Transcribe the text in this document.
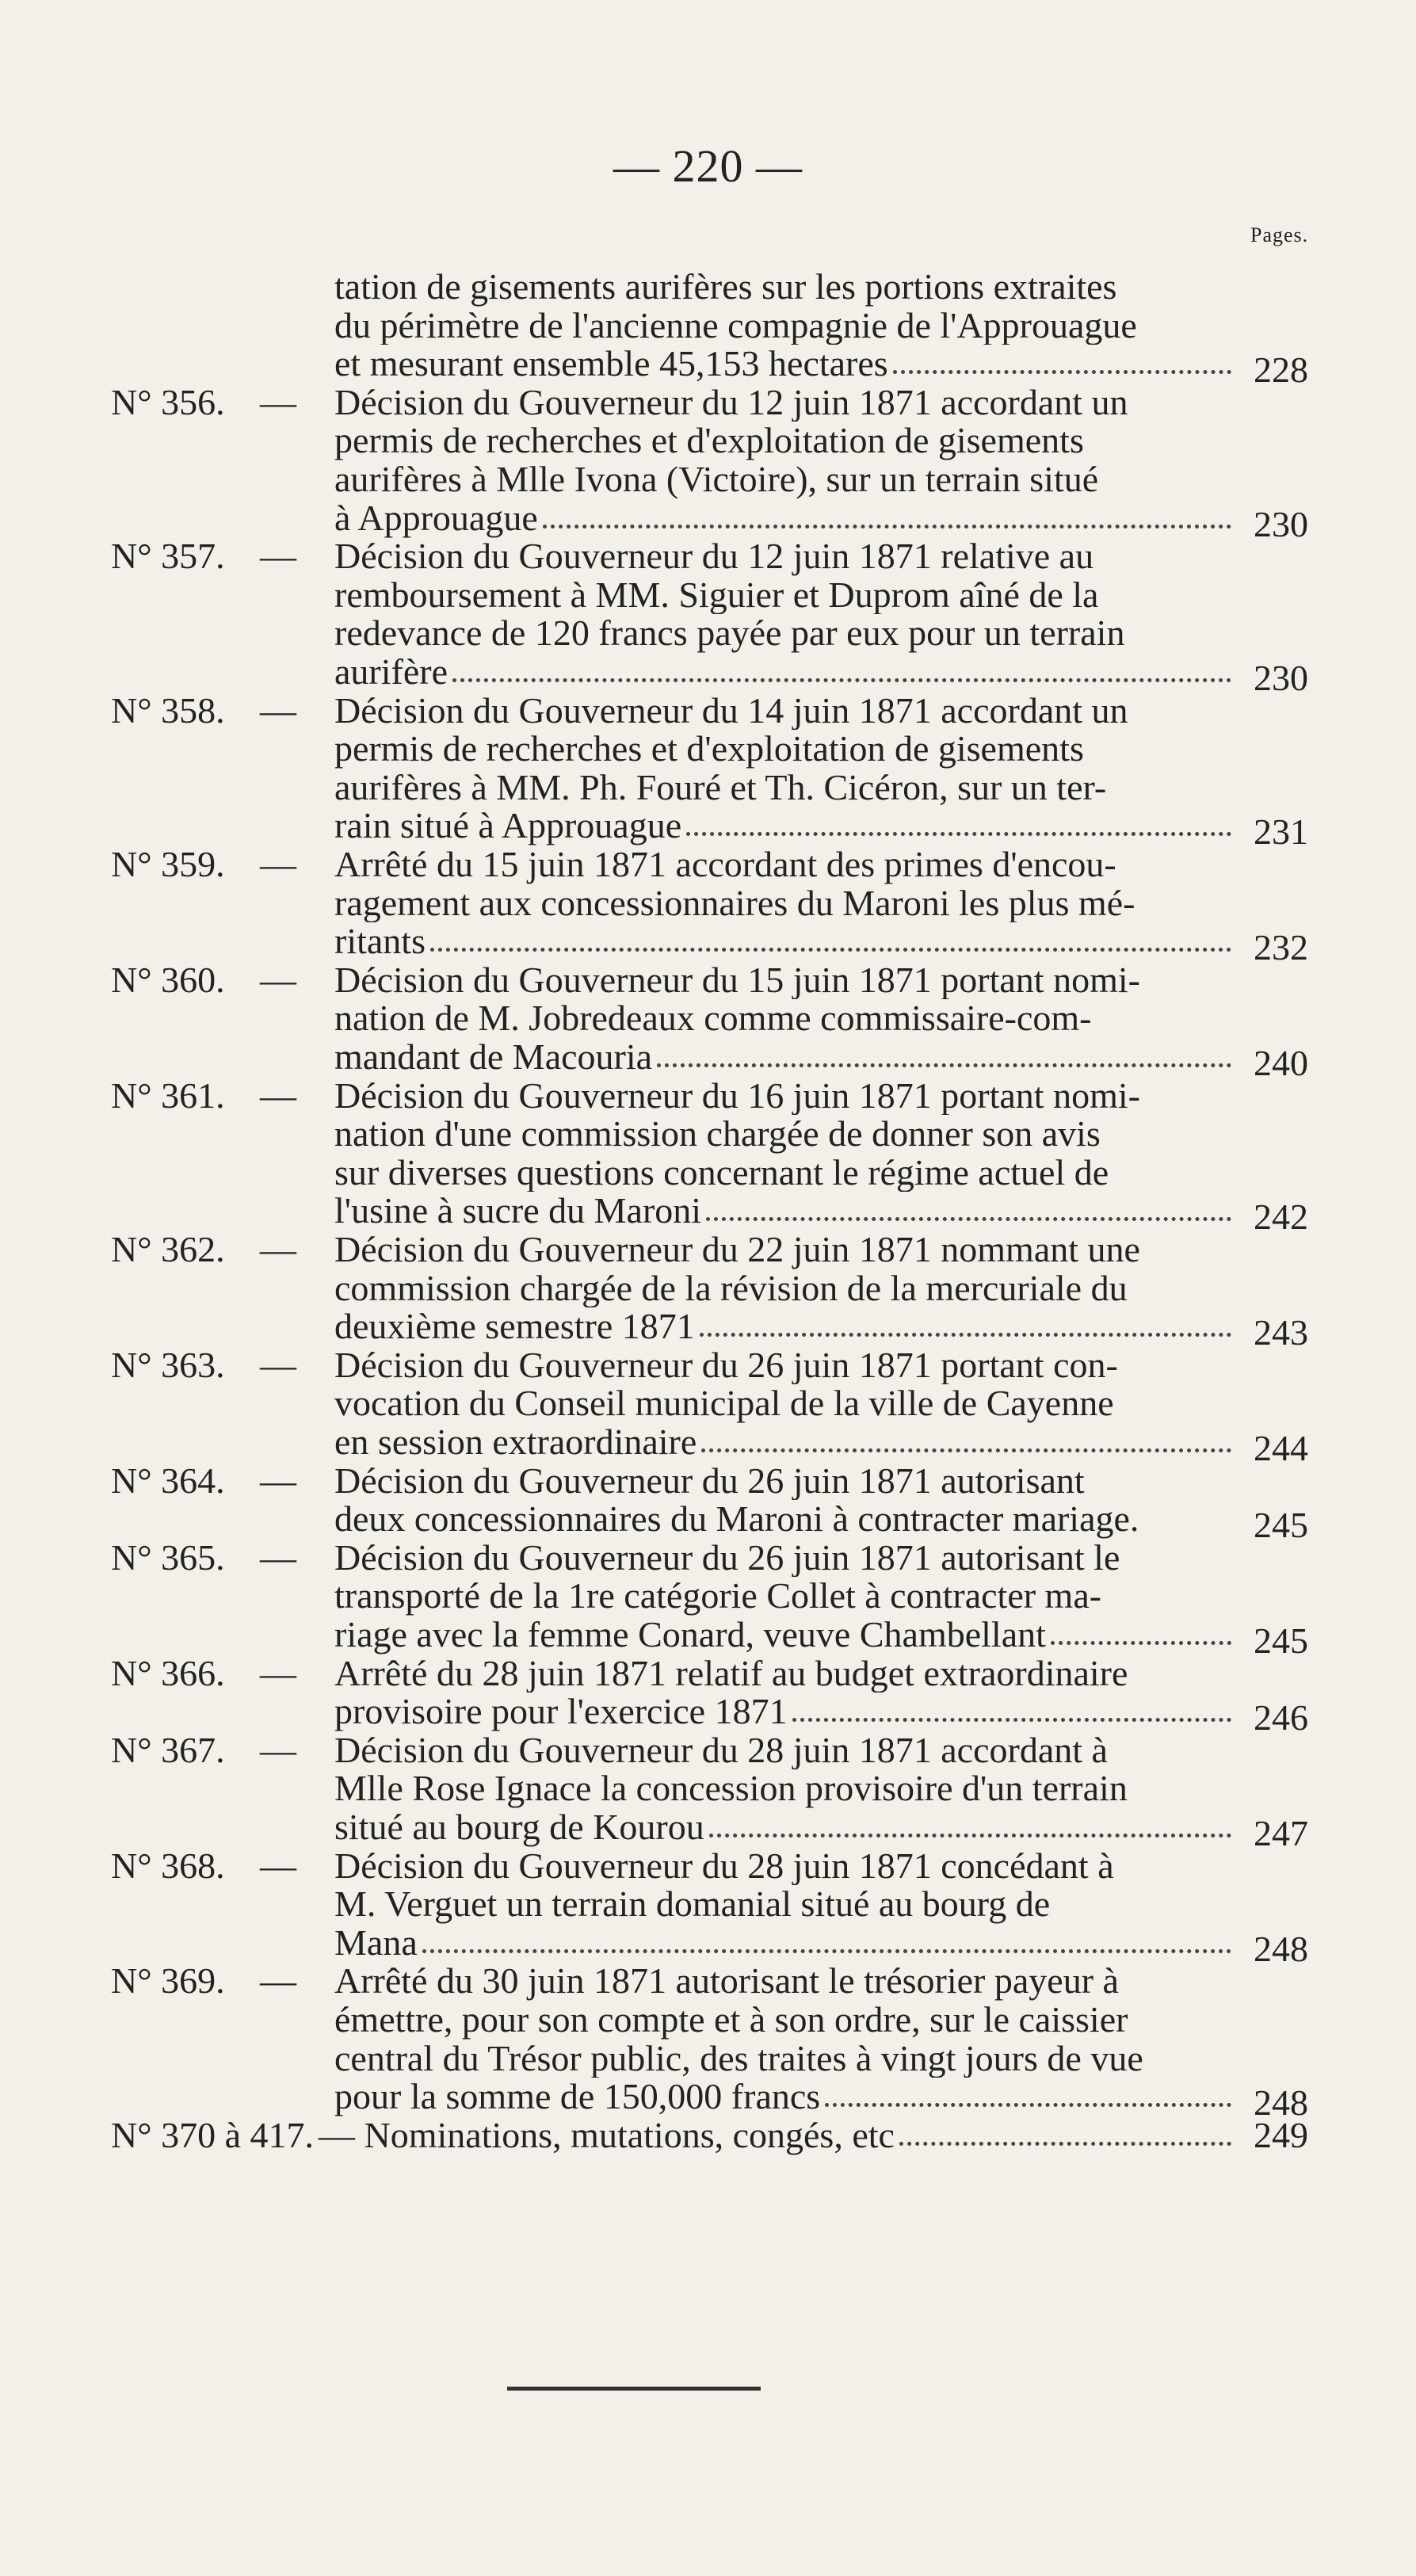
— 220 —
Pages.
tation de gisements aurifères sur les portions extraites
du périmètre de l'ancienne compagnie de l'Approuague
et mesurant ensemble 45,153 hectares	228
N° 356. — Décision du Gouverneur du 12 juin 1871 accordant un
permis de recherches et d'exploitation de gisements
aurifères à Mlle Ivona (Victoire), sur un terrain situé
à Approuague	230
N° 357. — Décision du Gouverneur du 12 juin 1871 relative au
remboursement à MM. Siguier et Duprom aîné de la
redevance de 120 francs payée par eux pour un terrain
aurifère	230
N° 358. — Décision du Gouverneur du 14 juin 1871 accordant un
permis de recherches et d'exploitation de gisements
aurifères à MM. Ph. Fouré et Th. Cicéron, sur un ter-
rain situé à Approuague	231
N° 359. — Arrêté du 15 juin 1871 accordant des primes d'encou-
ragement aux concessionnaires du Maroni les plus mé-
ritants	232
N° 360. — Décision du Gouverneur du 15 juin 1871 portant nomi-
nation de M. Jobredeaux comme commissaire-com-
mandant de Macouria	240
N° 361. — Décision du Gouverneur du 16 juin 1871 portant nomi-
nation d'une commission chargée de donner son avis
sur diverses questions concernant le régime actuel de
l'usine à sucre du Maroni	242
N° 362. — Décision du Gouverneur du 22 juin 1871 nommant une
commission chargée de la révision de la mercuriale du
deuxième semestre 1871	243
N° 363. — Décision du Gouverneur du 26 juin 1871 portant con-
vocation du Conseil municipal de la ville de Cayenne
en session extraordinaire	244
N° 364. — Décision du Gouverneur du 26 juin 1871 autorisant
deux concessionnaires du Maroni à contracter mariage.	245
N° 365. — Décision du Gouverneur du 26 juin 1871 autorisant le
transporté de la 1re catégorie Collet à contracter ma-
riage avec la femme Conard, veuve Chambellant	245
N° 366. — Arrêté du 28 juin 1871 relatif au budget extraordinaire
provisoire pour l'exercice 1871	246
N° 367. — Décision du Gouverneur du 28 juin 1871 accordant à
Mlle Rose Ignace la concession provisoire d'un terrain
situé au bourg de Kourou	247
N° 368. — Décision du Gouverneur du 28 juin 1871 concédant à
M. Verguet un terrain domanial situé au bourg de
Mana	248
N° 369. — Arrêté du 30 juin 1871 autorisant le trésorier payeur à
émettre, pour son compte et à son ordre, sur le caissier
central du Trésor public, des traites à vingt jours de vue
pour la somme de 150,000 francs	248
N° 370 à 417. — Nominations, mutations, congés, etc	249
